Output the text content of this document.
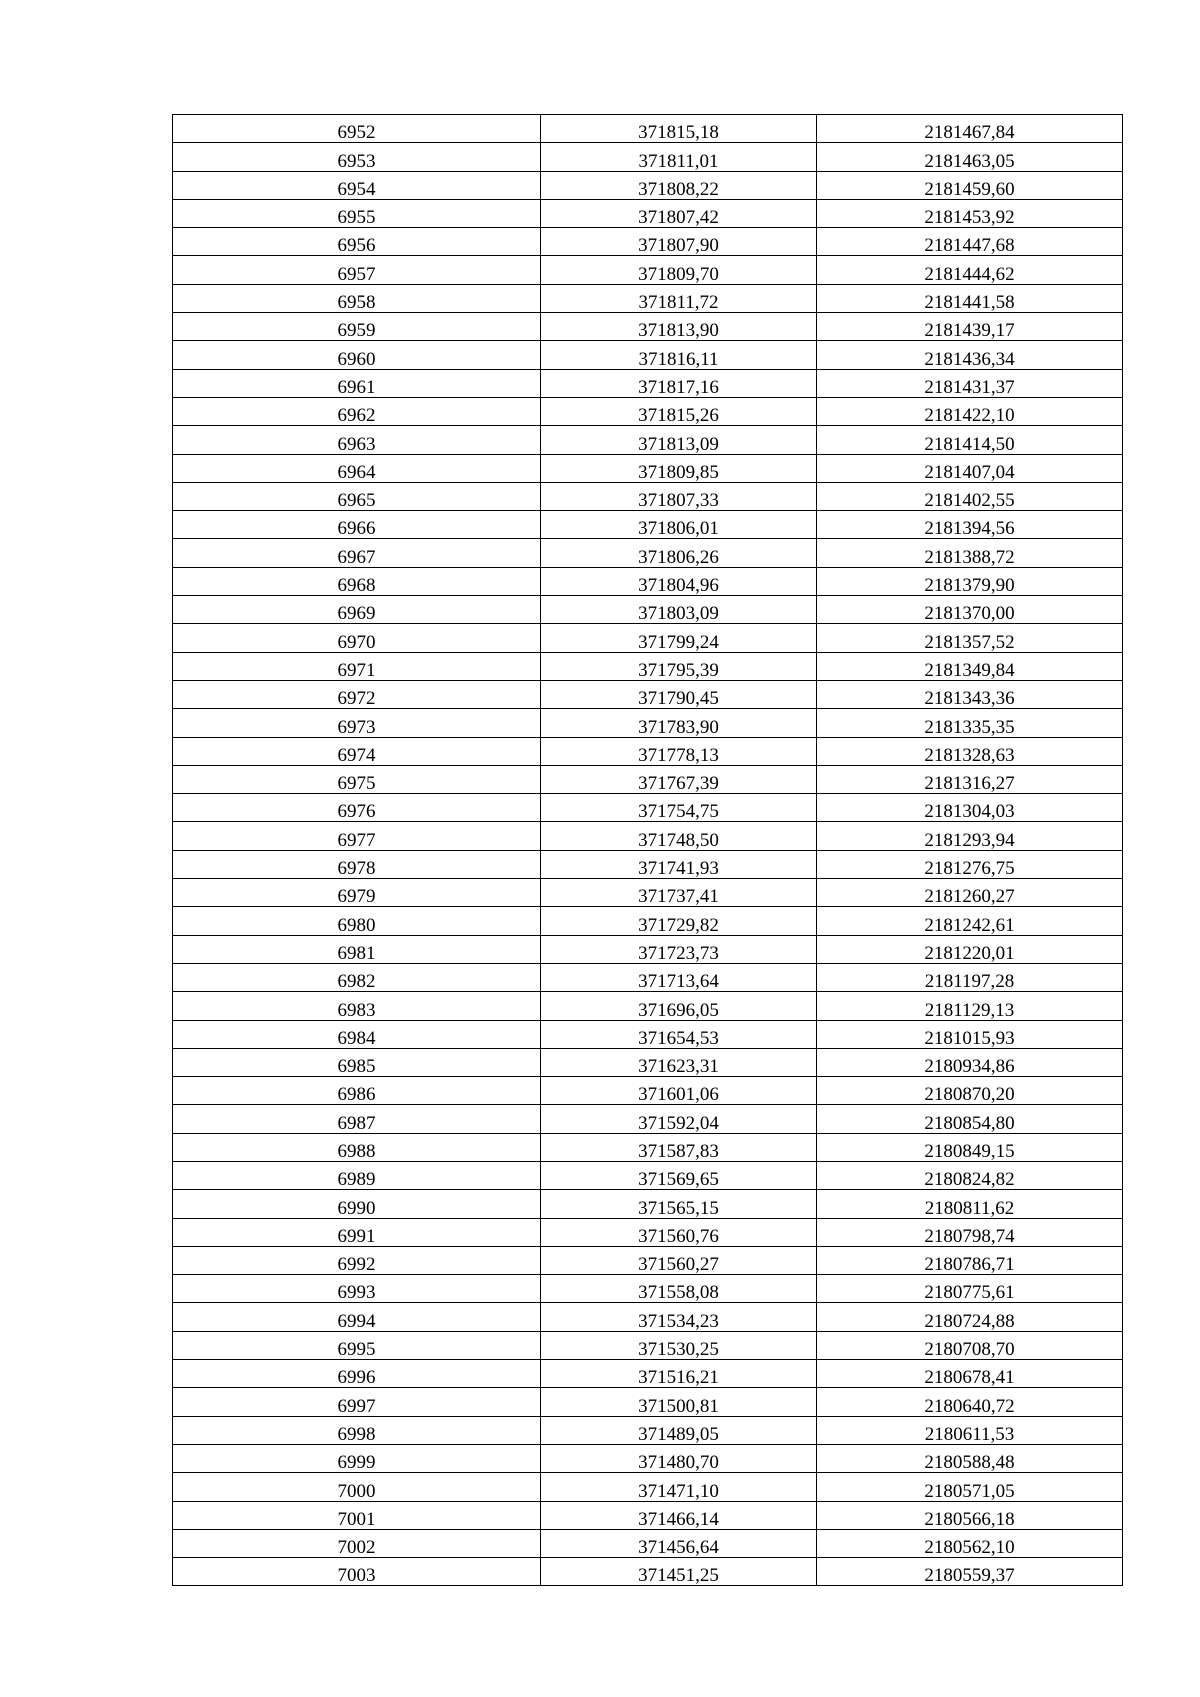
6952	371815,18	2181467,84
6953	371811,01	2181463,05
6954	371808,22	2181459,60
6955	371807,42	2181453,92
6956	371807,90	2181447,68
6957	371809,70	2181444,62
6958	371811,72	2181441,58
6959	371813,90	2181439,17
6960	371816,11	2181436,34
6961	371817,16	2181431,37
6962	371815,26	2181422,10
6963	371813,09	2181414,50
6964	371809,85	2181407,04
6965	371807,33	2181402,55
6966	371806,01	2181394,56
6967	371806,26	2181388,72
6968	371804,96	2181379,90
6969	371803,09	2181370,00
6970	371799,24	2181357,52
6971	371795,39	2181349,84
6972	371790,45	2181343,36
6973	371783,90	2181335,35
6974	371778,13	2181328,63
6975	371767,39	2181316,27
6976	371754,75	2181304,03
6977	371748,50	2181293,94
6978	371741,93	2181276,75
6979	371737,41	2181260,27
6980	371729,82	2181242,61
6981	371723,73	2181220,01
6982	371713,64	2181197,28
6983	371696,05	2181129,13
6984	371654,53	2181015,93
6985	371623,31	2180934,86
6986	371601,06	2180870,20
6987	371592,04	2180854,80
6988	371587,83	2180849,15
6989	371569,65	2180824,82
6990	371565,15	2180811,62
6991	371560,76	2180798,74
6992	371560,27	2180786,71
6993	371558,08	2180775,61
6994	371534,23	2180724,88
6995	371530,25	2180708,70
6996	371516,21	2180678,41
6997	371500,81	2180640,72
6998	371489,05	2180611,53
6999	371480,70	2180588,48
7000	371471,10	2180571,05
7001	371466,14	2180566,18
7002	371456,64	2180562,10
7003	371451,25	2180559,37
